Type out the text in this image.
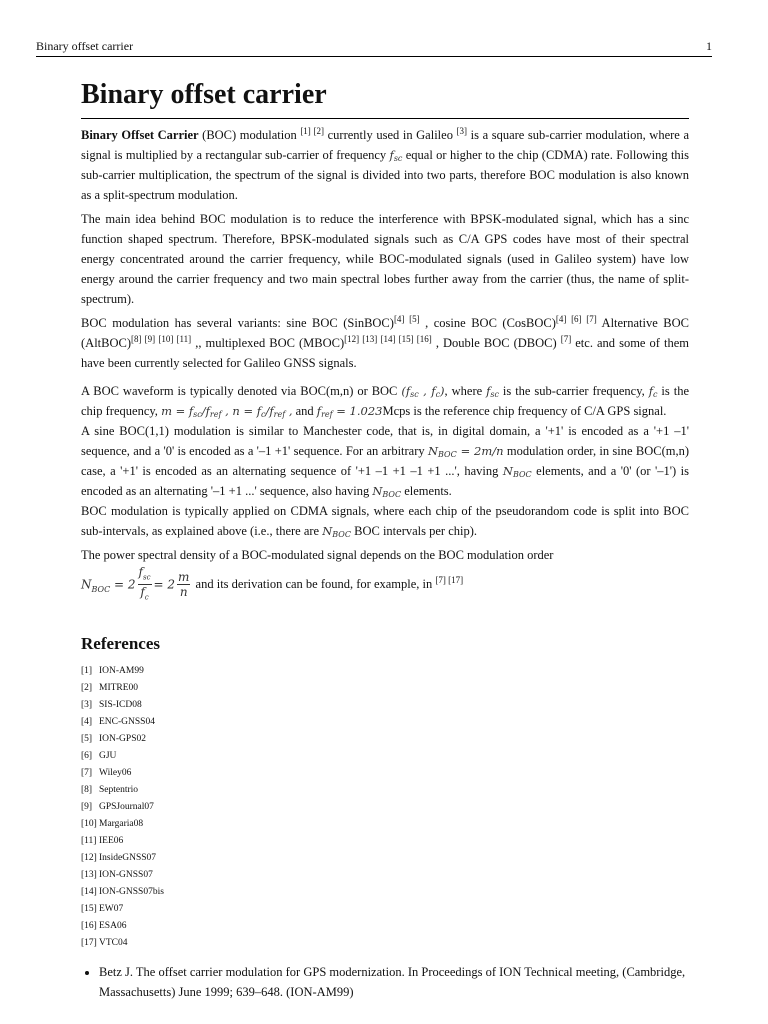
Binary offset carrier	1
Binary offset carrier

Binary Offset Carrier (BOC) modulation [1] [2] currently used in Galileo [3] is a square sub-carrier modulation, where a signal is multiplied by a rectangular sub-carrier of frequency $f_{sc}$ equal or higher to the chip (CDMA) rate. Following this sub-carrier multiplication, the spectrum of the signal is divided into two parts, therefore BOC modulation is also known as a split-spectrum modulation.

The main idea behind BOC modulation is to reduce the interference with BPSK-modulated signal, which has a sinc function shaped spectrum. Therefore, BPSK-modulated signals such as C/A GPS codes have most of their spectral energy concentrated around the carrier frequency, while BOC-modulated signals (used in Galileo system) have low energy around the carrier frequency and two main spectral lobes further away from the carrier (thus, the name of split-spectrum).

BOC modulation has several variants: sine BOC (SinBOC)[4] [5] , cosine BOC (CosBOC)[4] [6] [7] Alternative BOC (AltBOC)[8] [9] [10] [11] ,, multiplexed BOC (MBOC)[12] [13] [14] [15] [16] , Double BOC (DBOC) [7] etc. and some of them have been currently selected for Galileo GNSS signals.

A BOC waveform is typically denoted via BOC(m,n) or BOC ($f_{sc}$ , $f_c$), where $f_{sc}$ is the sub-carrier frequency, $f_c$ is the chip frequency, $m = f_{sc}/f_{ref}$ , $n = f_c/f_{ref}$ , and $f_{ref}$ = 1.023Mcps is the reference chip frequency of C/A GPS signal.

A sine BOC(1,1) modulation is similar to Manchester code, that is, in digital domain, a '+1' is encoded as a '+1 –1' sequence, and a '0' is encoded as a '–1 +1' sequence. For an arbitrary $N_{BOC} = 2m/n$ modulation order, in sine BOC(m,n) case, a '+1' is encoded as an alternating sequence of '+1 –1 +1 –1 +1 ...', having $N_{BOC}$ elements, and a '0' (or '–1') is encoded as an alternating '–1 +1 ...' sequence, also having $N_{BOC}$ elements.

BOC modulation is typically applied on CDMA signals, where each chip of the pseudorandom code is split into BOC sub-intervals, as explained above (i.e., there are $N_{BOC}$ BOC intervals per chip).

The power spectral density of a BOC-modulated signal depends on the BOC modulation order
$N_{BOC} = 2 \frac{f_{sc}}{f_c} = 2 \frac{m}{n}$ and its derivation can be found, for example, in [7] [17]

References
[1] ION-AM99
[2] MITRE00
[3] SIS-ICD08
[4] ENC-GNSS04
[5] ION-GPS02
[6] GJU
[7] Wiley06
[8] Septentrio
[9] GPSJournal07
[10] Margaria08
[11] IEE06
[12] InsideGNSS07
[13] ION-GNSS07
[14] ION-GNSS07bis
[15] EW07
[16] ESA06
[17] VTC04
• Betz J. The offset carrier modulation for GPS modernization. In Proceedings of ION Technical meeting, (Cambridge, Massachusetts) June 1999; 639–648. (ION-AM99)
